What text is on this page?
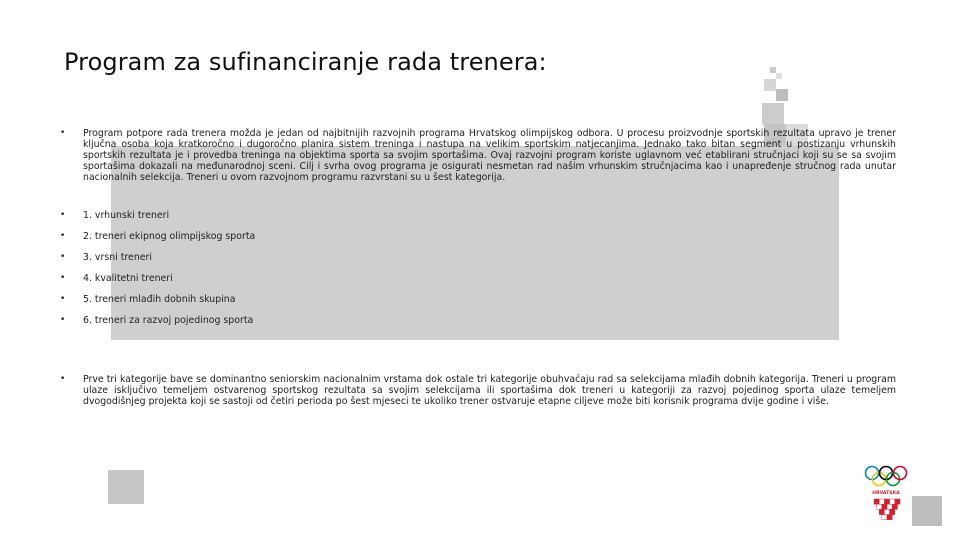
Program za sufinanciranje rada trenera:
• Program potpore rada trenera možda je jedan od najbitnijih razvojnih programa Hrvatskog olimpijskog odbora. U procesu proizvodnje sportskih rezultata upravo je trener ključna osoba koja kratkoročno i dugoročno planira sistem treninga i nastupa na velikim sportskim natjecanjima. Jednako tako bitan segment u postizanju vrhunskih sportskih rezultata je i provedba treninga na objektima sporta sa svojim sportašima. Ovaj razvojni program koriste uglavnom već etablirani stručnjaci koji su se sa svojim sportašima dokazali na međunarodnoj sceni. Cilj i svrha ovog programa je osigurati nesmetan rad našim vrhunskim stručnjacima kao i unapređenje stručnog rada unutar nacionalnih selekcija. Treneri u ovom razvojnom programu razvrstani su u šest kategorija.
• 1. vrhunski treneri
• 2. treneri ekipnog olimpijskog sporta
• 3. vrsni treneri
• 4. kvalitetni treneri
• 5. treneri mlađih dobnih skupina
• 6. treneri za razvoj pojedinog sporta
• Prve tri kategorije bave se dominantno seniorskim nacionalnim vrstama dok ostale tri kategorije obuhvaćaju rad sa selekcijama mlađih dobnih kategorija. Treneri u program ulaze isključivo temeljem ostvarenog sportskog rezultata sa svojim selekcijama ili sportašima dok treneri u kategoriji za razvoj pojedinog sporta ulaze temeljem dvogodišnjeg projekta koji se sastoji od četiri perioda po šest mjeseci te ukoliko trener ostvaruje etapne ciljeve može biti korisnik programa dvije godine i više.
HRVATSKA
